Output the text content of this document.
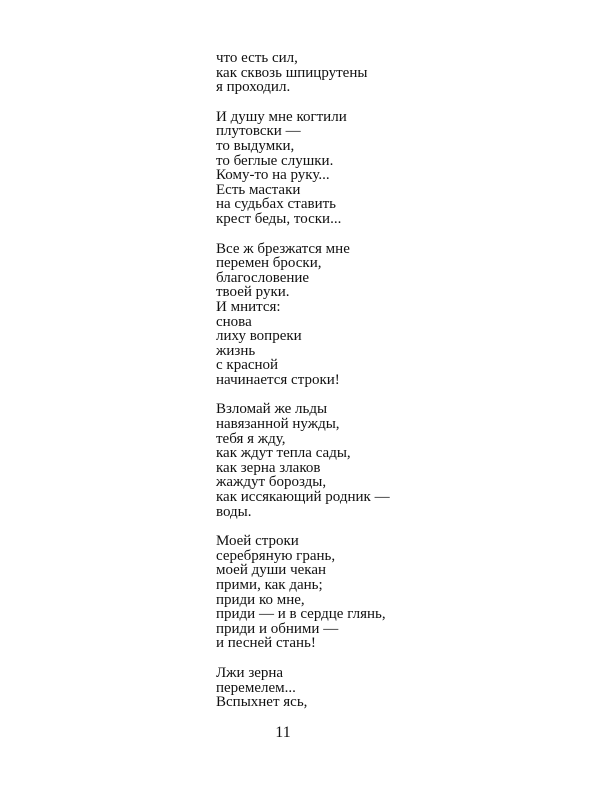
что есть сил,
как сквозь шпицрутены
я проходил.
И душу мне когтили
плутовски —
то выдумки,
то беглые слушки.
Кому-то на руку...
Есть мастаки
на судьбах ставить
крест беды, тоски...
Все ж брезжатся мне
перемен броски,
благословение
твоей руки.
И мнится:
снова
лиху вопреки
жизнь
с красной
начинается строки!
Взломай же льды
навязанной нужды,
тебя я жду,
как ждут тепла сады,
как зерна злаков
жаждут борозды,
как иссякающий родник —
воды.
Моей строки
серебряную грань,
моей души чекан
прими, как дань;
приди ко мне,
приди — и в сердце глянь,
приди и обними —
и песней стань!
Лжи зерна
перемелем...
Вспыхнет ясь,
11
